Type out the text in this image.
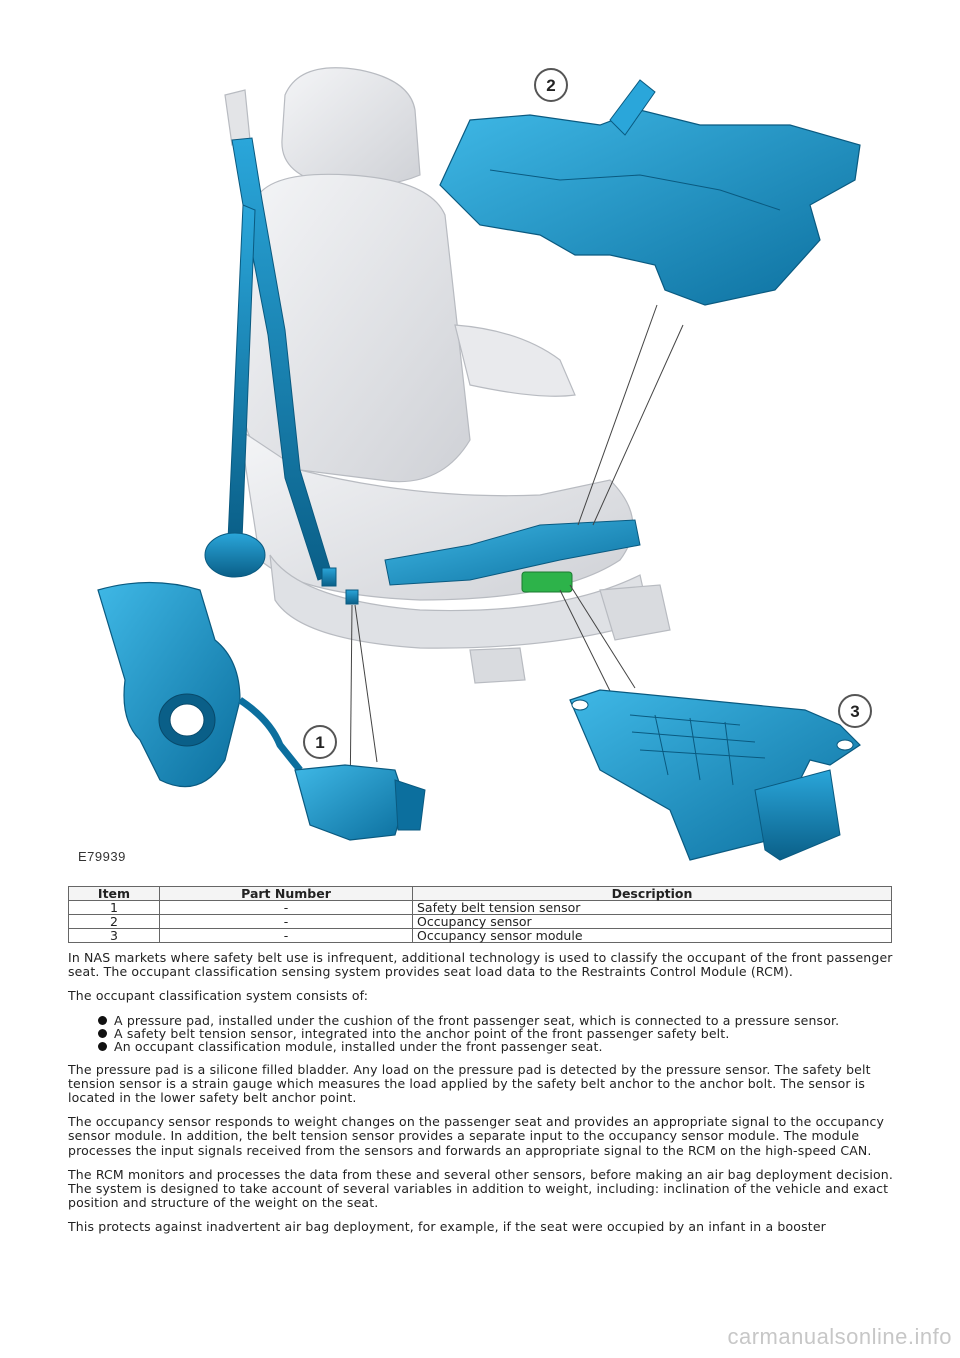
2
3
1
E79939
Item	Part Number	Description
1	-	Safety belt tension sensor
2	-	Occupancy sensor
3	-	Occupancy sensor module

In NAS markets where safety belt use is infrequent, additional technology is used to classify the occupant of the front passenger seat. The occupant classification sensing system provides seat load data to the Restraints Control Module (RCM).

The occupant classification system consists of:

A pressure pad, installed under the cushion of the front passenger seat, which is connected to a pressure sensor.
A safety belt tension sensor, integrated into the anchor point of the front passenger safety belt.
An occupant classification module, installed under the front passenger seat.

The pressure pad is a silicone filled bladder. Any load on the pressure pad is detected by the pressure sensor. The safety belt tension sensor is a strain gauge which measures the load applied by the safety belt anchor to the anchor bolt. The sensor is located in the lower safety belt anchor point.

The occupancy sensor responds to weight changes on the passenger seat and provides an appropriate signal to the occupancy sensor module. In addition, the belt tension sensor provides a separate input to the occupancy sensor module. The module processes the input signals received from the sensors and forwards an appropriate signal to the RCM on the high-speed CAN.

The RCM monitors and processes the data from these and several other sensors, before making an air bag deployment decision. The system is designed to take account of several variables in addition to weight, including: inclination of the vehicle and exact position and structure of the weight on the seat.

This protects against inadvertent air bag deployment, for example, if the seat were occupied by an infant in a booster

carmanualsonline.info
